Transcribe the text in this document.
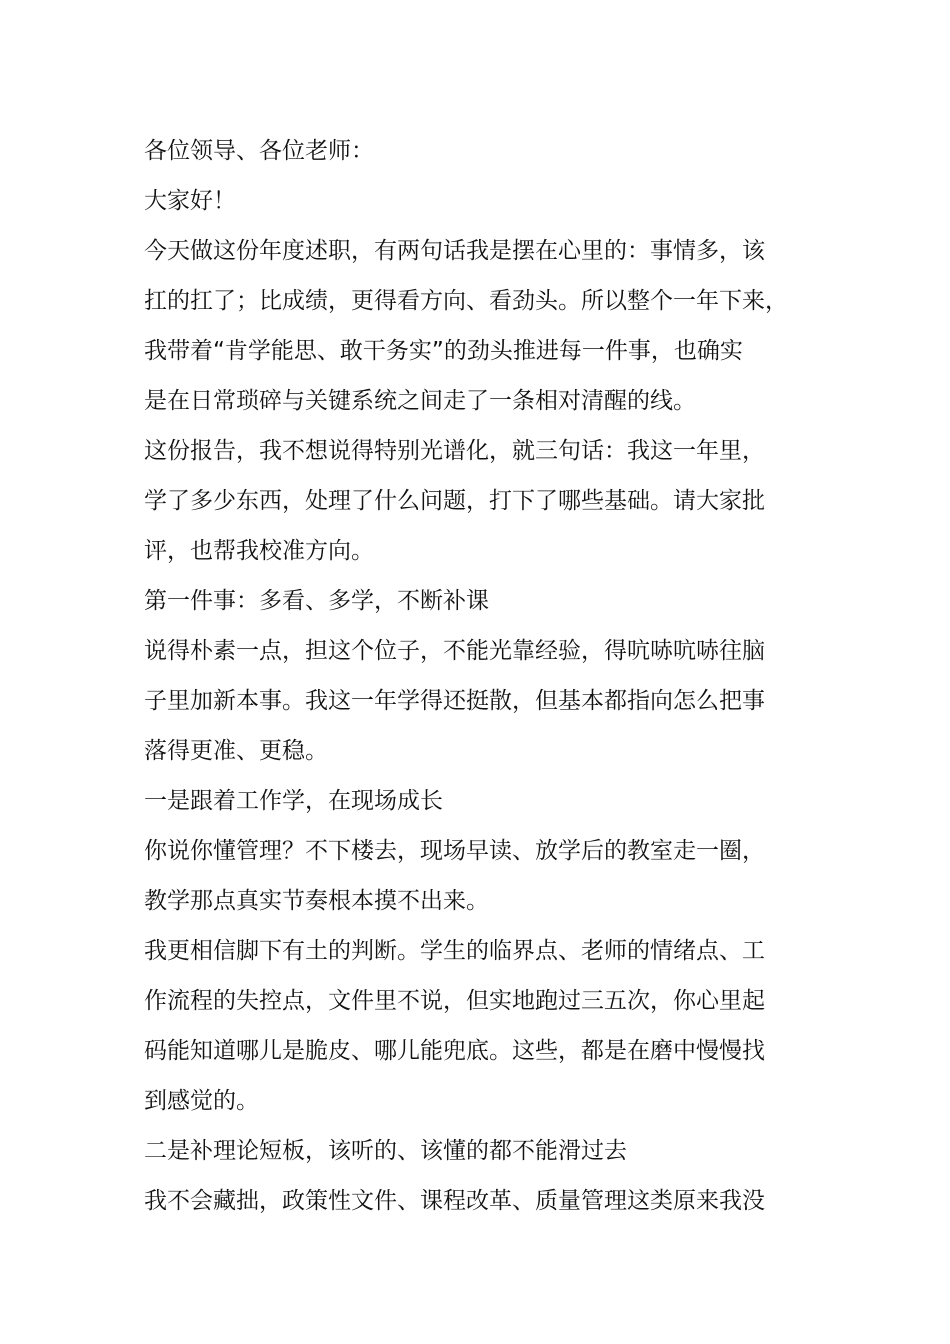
各位领导、各位老师：

大家好！

今天做这份年度述职，有两句话我是摆在心里的：事情多，该

扛的扛了；比成绩，更得看方向、看劲头。所以整个一年下来，

我带着“肯学能思、敢干务实”的劲头推进每一件事，也确实

是在日常琐碎与关键系统之间走了一条相对清醒的线。

这份报告，我不想说得特别光谱化，就三句话：我这一年里，

学了多少东西，处理了什么问题，打下了哪些基础。请大家批

评，也帮我校准方向。

第一件事：多看、多学，不断补课

说得朴素一点，担这个位子，不能光靠经验，得吭哧吭哧往脑

子里加新本事。我这一年学得还挺散，但基本都指向怎么把事

落得更准、更稳。

一是跟着工作学，在现场成长

你说你懂管理？不下楼去，现场早读、放学后的教室走一圈，

教学那点真实节奏根本摸不出来。

我更相信脚下有土的判断。学生的临界点、老师的情绪点、工

作流程的失控点，文件里不说，但实地跑过三五次，你心里起

码能知道哪儿是脆皮、哪儿能兜底。这些，都是在磨中慢慢找

到感觉的。

二是补理论短板，该听的、该懂的都不能滑过去

我不会藏拙，政策性文件、课程改革、质量管理这类原来我没
